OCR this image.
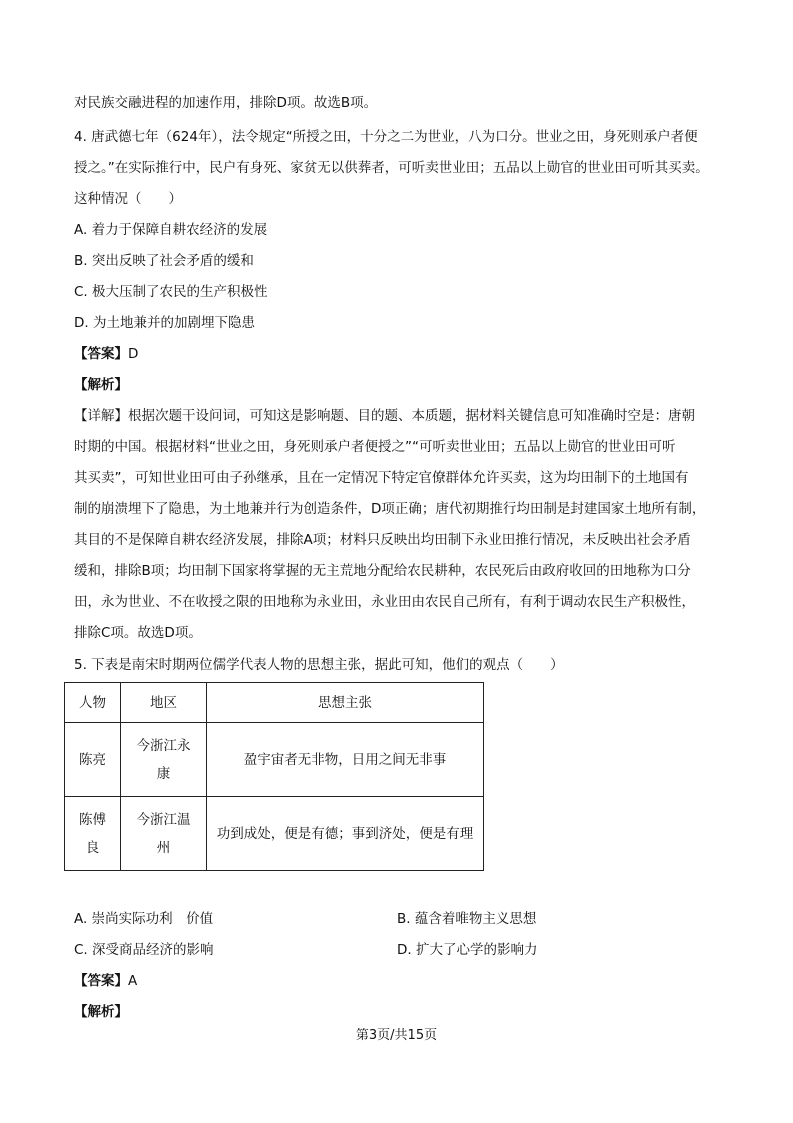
对民族交融进程的加速作用，排除D项。故选B项。
4. 唐武德七年（624年），法令规定“所授之田，十分之二为世业，八为口分。世业之田，身死则承户者便
授之。”在实际推行中，民户有身死、家贫无以供葬者，可听卖世业田；五品以上勋官的世业田可听其买卖。
这种情况（　　）
A. 着力于保障自耕农经济的发展
B. 突出反映了社会矛盾的缓和
C. 极大压制了农民的生产积极性
D. 为土地兼并的加剧埋下隐患
【答案】D
【解析】
【详解】根据次题干设问词，可知这是影响题、目的题、本质题，据材料关键信息可知准确时空是：唐朝
时期的中国。根据材料“世业之田，身死则承户者便授之”“可听卖世业田；五品以上勋官的世业田可听
其买卖”，可知世业田可由子孙继承，且在一定情况下特定官僚群体允许买卖，这为均田制下的土地国有
制的崩溃埋下了隐患，为土地兼并行为创造条件，D项正确；唐代初期推行均田制是封建国家土地所有制，
其目的不是保障自耕农经济发展，排除A项；材料只反映出均田制下永业田推行情况，未反映出社会矛盾
缓和，排除B项；均田制下国家将掌握的无主荒地分配给农民耕种，农民死后由政府收回的田地称为口分
田，永为世业、不在收授之限的田地称为永业田，永业田由农民自己所有，有利于调动农民生产积极性，
排除C项。故选D项。
5. 下表是南宋时期两位儒学代表人物的思想主张，据此可知，他们的观点（　　）
人物	地区	思想主张

陈亮	今浙江永康	盈宇宙者无非物，日用之间无非事

陈傅良	今浙江温州	功到成处，便是有德；事到济处，便是有理
A. 崇尚实际功利　价值	B. 蕴含着唯物主义思想
C. 深受商品经济的影响	D. 扩大了心学的影响力
【答案】A
【解析】
第3页/共15页
